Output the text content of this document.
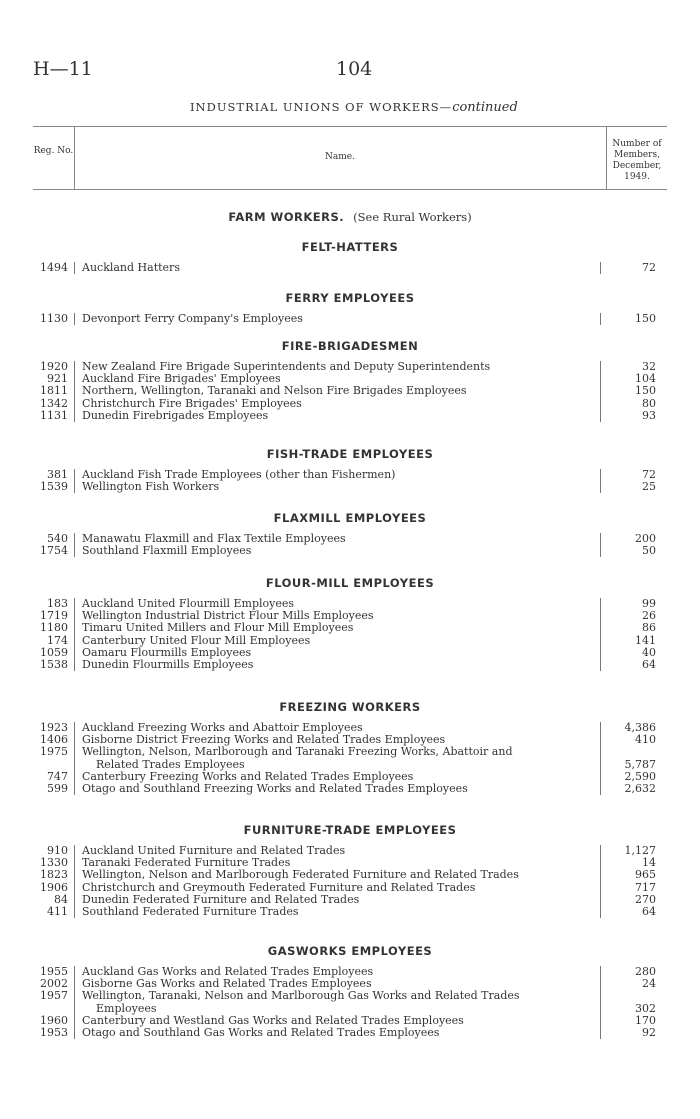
H—11	104
INDUSTRIAL UNIONS OF WORKERS—continued
Reg. No.
Name.
Number of
Members,
December,
1949.
FARM WORKERS. (See Rural Workers)
FELT-HATTERS
1494 Auckland Hatters	72
FERRY EMPLOYEES
1130 Devonport Ferry Company's Employees	150
FIRE-BRIGADESMEN
1920 New Zealand Fire Brigade Superintendents and Deputy Superintendents	32
921 Auckland Fire Brigades' Employees	104
1811 Northern, Wellington, Taranaki and Nelson Fire Brigades Employees	150
1342 Christchurch Fire Brigades' Employees	80
1131 Dunedin Firebrigades Employees	93
FISH-TRADE EMPLOYEES
381 Auckland Fish Trade Employees (other than Fishermen)	72
1539 Wellington Fish Workers	25
FLAXMILL EMPLOYEES
540 Manawatu Flaxmill and Flax Textile Employees	200
1754 Southland Flaxmill Employees	50
FLOUR-MILL EMPLOYEES
183 Auckland United Flourmill Employees	99
1719 Wellington Industrial District Flour Mills Employees	26
1180 Timaru United Millers and Flour Mill Employees	86
174 Canterbury United Flour Mill Employees	141
1059 Oamaru Flourmills Employees	40
1538 Dunedin Flourmills Employees	64
FREEZING WORKERS
1923 Auckland Freezing Works and Abattoir Employees	4,386
1406 Gisborne District Freezing Works and Related Trades Employees	410
1975 Wellington, Nelson, Marlborough and Taranaki Freezing Works, Abattoir and
Related Trades Employees	5,787
747 Canterbury Freezing Works and Related Trades Employees	2,590
599 Otago and Southland Freezing Works and Related Trades Employees	2,632
FURNITURE-TRADE EMPLOYEES
910 Auckland United Furniture and Related Trades	1,127
1330 Taranaki Federated Furniture Trades	14
1823 Wellington, Nelson and Marlborough Federated Furniture and Related Trades	965
1906 Christchurch and Greymouth Federated Furniture and Related Trades	717
84 Dunedin Federated Furniture and Related Trades	270
411 Southland Federated Furniture Trades	64
GASWORKS EMPLOYEES
1955 Auckland Gas Works and Related Trades Employees	280
2002 Gisborne Gas Works and Related Trades Employees	24
1957 Wellington, Taranaki, Nelson and Marlborough Gas Works and Related Trades
Employees	302
1960 Canterbury and Westland Gas Works and Related Trades Employees	170
1953 Otago and Southland Gas Works and Related Trades Employees	92
